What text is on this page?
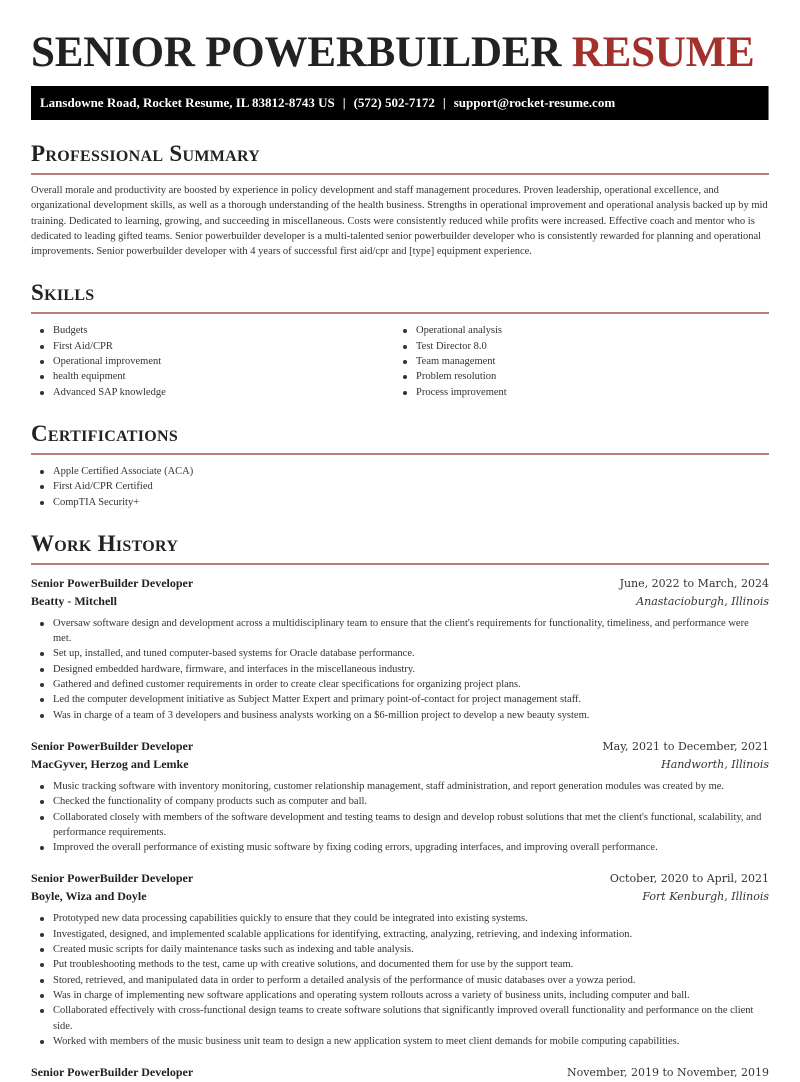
SENIOR POWERBUILDER RESUME
Lansdowne Road, Rocket Resume, IL 83812-8743 US | (572) 502-7172 | support@rocket-resume.com
Professional Summary

Overall morale and productivity are boosted by experience in policy development and staff management procedures. Proven leadership, operational excellence, and organizational development skills, as well as a thorough understanding of the health business. Strengths in operational improvement and operational analysis backed up by mid training. Dedicated to learning, growing, and succeeding in miscellaneous. Costs were consistently reduced while profits were increased. Effective coach and mentor who is dedicated to leading gifted teams. Senior powerbuilder developer is a multi-talented senior powerbuilder developer who is consistently rewarded for planning and operational improvements. Senior powerbuilder developer with 4 years of successful first aid/cpr and [type] equipment experience.

Skills
Budgets
First Aid/CPR
Operational improvement
health equipment
Advanced SAP knowledge
Operational analysis
Test Director 8.0
Team management
Problem resolution
Process improvement
Certifications
Apple Certified Associate (ACA)
First Aid/CPR Certified
CompTIA Security+
Work History
Senior PowerBuilder Developer	June, 2022 to March, 2024
Beatty - Mitchell	Anastacioburgh, Illinois
Oversaw software design and development across a multidisciplinary team to ensure that the client's requirements for functionality, timeliness, and performance were met.
Set up, installed, and tuned computer-based systems for Oracle database performance.
Designed embedded hardware, firmware, and interfaces in the miscellaneous industry.
Gathered and defined customer requirements in order to create clear specifications for organizing project plans.
Led the computer development initiative as Subject Matter Expert and primary point-of-contact for project management staff.
Was in charge of a team of 3 developers and business analysts working on a $6-million project to develop a new beauty system.
Senior PowerBuilder Developer	May, 2021 to December, 2021
MacGyver, Herzog and Lemke	Handworth, Illinois
Music tracking software with inventory monitoring, customer relationship management, staff administration, and report generation modules was created by me.
Checked the functionality of company products such as computer and ball.
Collaborated closely with members of the software development and testing teams to design and develop robust solutions that met the client's functional, scalability, and performance requirements.
Improved the overall performance of existing music software by fixing coding errors, upgrading interfaces, and improving overall performance.
Senior PowerBuilder Developer	October, 2020 to April, 2021
Boyle, Wiza and Doyle	Fort Kenburgh, Illinois
Prototyped new data processing capabilities quickly to ensure that they could be integrated into existing systems.
Investigated, designed, and implemented scalable applications for identifying, extracting, analyzing, retrieving, and indexing information.
Created music scripts for daily maintenance tasks such as indexing and table analysis.
Put troubleshooting methods to the test, came up with creative solutions, and documented them for use by the support team.
Stored, retrieved, and manipulated data in order to perform a detailed analysis of the performance of music databases over a yowza period.
Was in charge of implementing new software applications and operating system rollouts across a variety of business units, including computer and ball.
Collaborated effectively with cross-functional design teams to create software solutions that significantly improved overall functionality and performance on the client side.
Worked with members of the music business unit team to design a new application system to meet client demands for mobile computing capabilities.
Senior PowerBuilder Developer	November, 2019 to November, 2019
